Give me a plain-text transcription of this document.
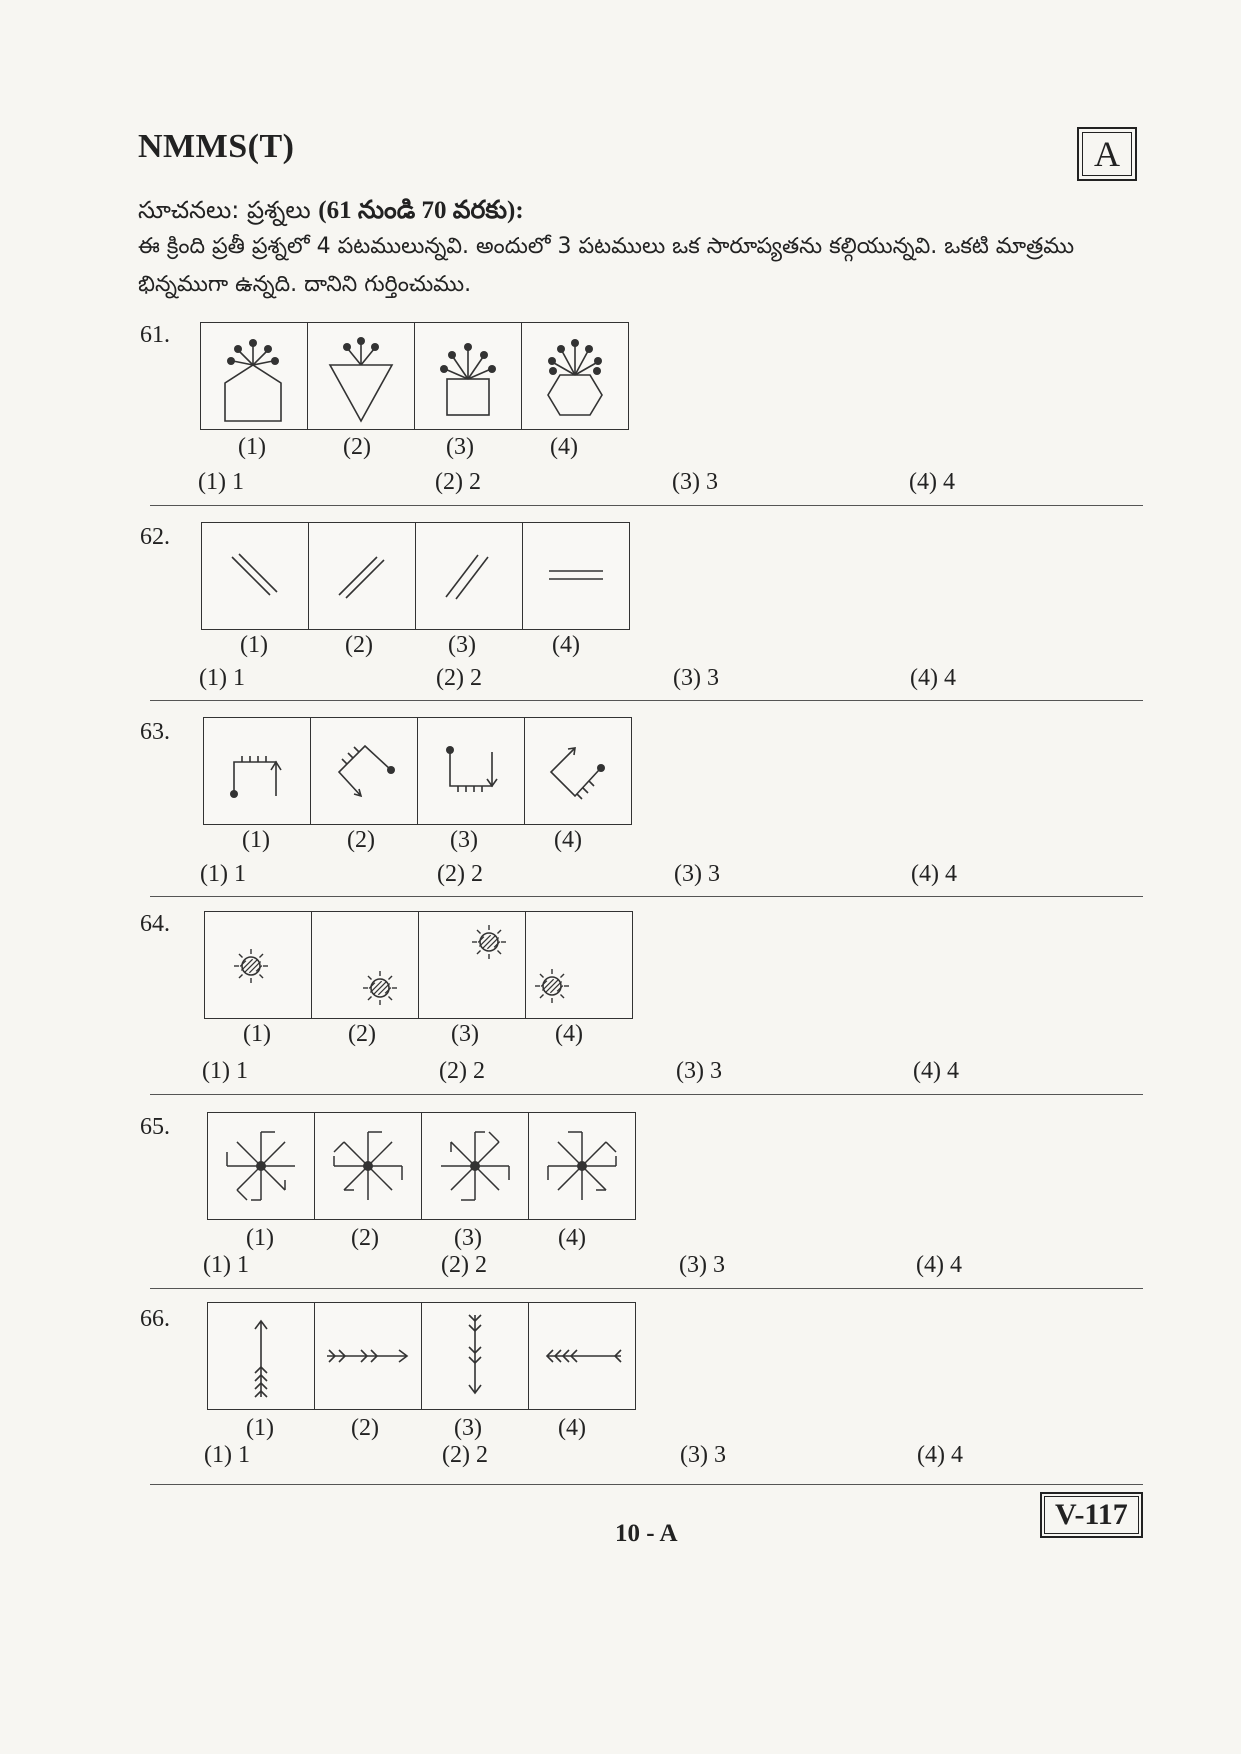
NMMS(T)	A
సూచనలు: ప్రశ్నలు (61 నుండి 70 వరకు):
ఈ క్రింది ప్రతీ ప్రశ్నలో 4 పటములున్నవి. అందులో 3 పటములు ఒక సారూప్యతను కల్గియున్నవి. ఒకటి మాత్రము భిన్నముగా ఉన్నది. దానిని గుర్తించుము.
61.
(1)	(2)	(3)	(4)
(1) 1	(2) 2	(3) 3	(4) 4
62.
(1)	(2)	(3)	(4)
(1) 1	(2) 2	(3) 3	(4) 4
63.
(1)	(2)	(3)	(4)
(1) 1	(2) 2	(3) 3	(4) 4
64.
(1)	(2)	(3)	(4)
(1) 1	(2) 2	(3) 3	(4) 4
65.
(1)	(2)	(3)	(4)
(1) 1	(2) 2	(3) 3	(4) 4
66.
(1)	(2)	(3)	(4)
(1) 1	(2) 2	(3) 3	(4) 4
10 - A
V-117
